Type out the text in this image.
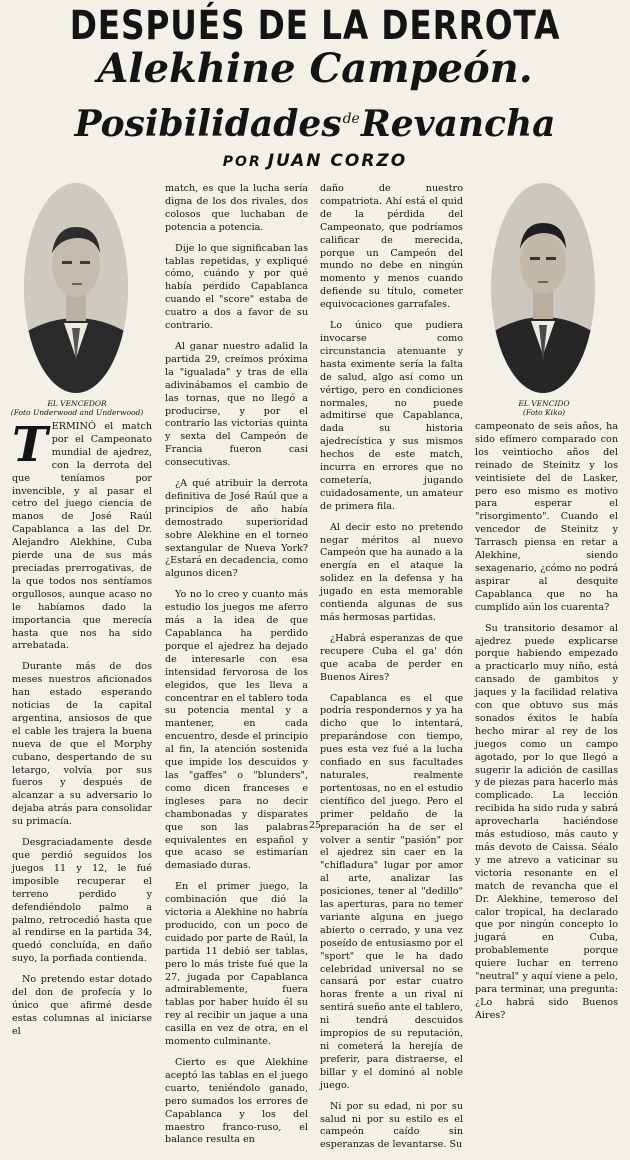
DESPUÉS DE LA DERROTA
Alekhine Campeón.
Posibilidades$^{de}$Revancha
POR JUAN CORZO
EL VENCEDOR
(Foto Underwood and Underwood)
EL VENCIDO
(Foto Kiko)

TERMINÓ el match por el Campeonato mundial de ajedrez, con la derrota del que teníamos por invencible, y al pasar el cetro del juego ciencia de manos de José Raúl Capablanca a las del Dr. Alejandro Alekhine, Cuba pierde una de sus más preciadas prerrogativas, de la que todos nos sentíamos orgullosos, aunque acaso no le habíamos dado la importancia que merecía hasta que nos ha sido arrebatada.

Durante más de dos meses nuestros aficionados han estado esperando noticias de la capital argentina, ansiosos de que el cable les trajera la buena nueva de que el Morphy cubano, despertando de su letargo, volvía por sus fueros y después de alcanzar a su adversario lo dejaba atrás para consolidar su primacía.

Desgraciadamente desde que perdió seguidos los juegos 11 y 12, le fué imposible recuperar el terreno perdido y defendiéndolo palmo a palmo, retrocedió hasta que al rendirse en la partida 34, quedó concluída, en daño suyo, la porfiada contienda.

No pretendo estar dotado del don de profecía y lo único que afirmé desde estas columnas al iniciarse el

match, es que la lucha sería digna de los dos rivales, dos colosos que luchaban de potencia a potencia.

Dije lo que significaban las tablas repetidas, y expliqué cómo, cuándo y por qué había perdido Capablanca cuando el "score" estaba de cuatro a dos a favor de su contrario.

Al ganar nuestro adalid la partida 29, creímos próxima la "igualada" y tras de ella adivinábamos el cambio de las tornas, que no llegó a producirse, y por el contrario las victorias quinta y sexta del Campeón de Francia fueron casi consecutivas.

¿A qué atribuir la derrota definitiva de José Raúl que a principios de año había demostrado superioridad sobre Alekhine en el torneo sextangular de Nueva York? ¿Estará en decadencia, como algunos dicen?

Yo no lo creo y cuanto más estudio los juegos me aferro más a la idea de que Capablanca ha perdido porque el ajedrez ha dejado de interesarle con esa intensidad fervorosa de los elegidos, que les lleva a concentrar en el tablero toda su potencia mental y a mantener, en cada encuentro, desde el principio al fin, la atención sostenida que impide los descuidos y las "gaffes" o "blunders", como dicen franceses e ingleses para no decir chambonadas y disparates que son las palabras equivalentes en español y que acaso se estimarían demasiado duras.

En el primer juego, la combinación que dió la victoria a Alekhine no habría producido, con un poco de cuidado por parte de Raúl, la partida 11 debió ser tablas, pero lo más triste fué que la 27, jugada por Capablanca admirablemente, fuera tablas por haber huído él su rey al recibir un jaque a una casilla en vez de otra, en el momento culminante.

Cierto es que Alekhine aceptó las tablas en el juego cuarto, teniéndolo ganado, pero sumados los errores de Capablanca y los del maestro franco-ruso, el balance resulta en

daño de nuestro compatriota. Ahí está el quid de la pérdida del Campeonato, que podríamos calificar de merecida, porque un Campeón del mundo no debe en ningún momento y menos cuando defiende su título, cometer equivocaciones garrafales.

Lo único que pudiera invocarse como circunstancia atenuante y hasta eximente sería la falta de salud, algo así como un vértigo, pero en condiciones normales, no puede admitirse que Capablanca, dada su historia ajedrecística y sus mismos hechos de este match, incurra en errores que no cometería, jugando cuidadosamente, un amateur de primera fila.

Al decir esto no pretendo negar méritos al nuevo Campeón que ha aunado a la energía en el ataque la solidez en la defensa y ha jugado en esta memorable contienda algunas de sus más hermosas partidas.

¿Habrá esperanzas de que recupere Cuba el ga' dón que acaba de perder en Buenos Aires?

Capablanca es el que podría respondernos y ya ha dicho que lo intentará, preparándose con tiempo, pues esta vez fué a la lucha confiado en sus facultades naturales, realmente portentosas, no en el estudio científico del juego. Pero el primer peldaño de la preparación ha de ser el volver a sentir "pasión" por el ajedrez sin caer en la "chifladura" lugar por amor al arte, analizar las posiciones, tener al "dedillo" las aperturas, para no temer variante alguna en juego abierto o cerrado, y una vez poseído de entusiasmo por el "sport" que le ha dado celebridad universal no se cansará por estar cuatro horas frente a un rival ni sentirá sueño ante el tablero, ni tendrá descuidos impropios de su reputación, ni cometerá la herejía de preferir, para distraerse, el billar y el dominó al noble juego.

Ni por su edad, ni por su salud ni por su estilo es el campeón caído sin esperanzas de levantarse. Su

campeonato de seis años, ha sido efímero comparado con los veintiocho años del reinado de Steinitz y los veintisiete del de Lasker, pero eso mismo es motivo para esperar el "risorgimento". Cuando el vencedor de Steinitz y Tarrasch piensa en retar a Alekhine, siendo sexagenario, ¿cómo no podrá aspirar al desquite Capablanca que no ha cumplido aún los cuarenta?

Su transitorio desamor al ajedrez puede explicarse porque habiendo empezado a practicarlo muy niño, está cansado de gambitos y jaques y la facilidad relativa con que obtuvo sus más sonados éxitos le había hecho mirar al rey de los juegos como un campo agotado, por lo que llegó a sugerir la adición de casillas y de piezas para hacerlo más complicado. La lección recibida ha sido ruda y sabrá aprovecharla haciéndose más estudioso, más cauto y más devoto de Caissa. Séalo y me atrevo a vaticinar su victoria resonante en el match de revancha que el Dr. Alekhine, temeroso del calor tropical, ha declarado que por ningún concepto lo jugará en Cuba, probablemente porque quiere luchar en terreno "neutral" y aquí viene a pelo, para terminar, una pregunta: ¿Lo habrá sido Buenos Aires?

25
